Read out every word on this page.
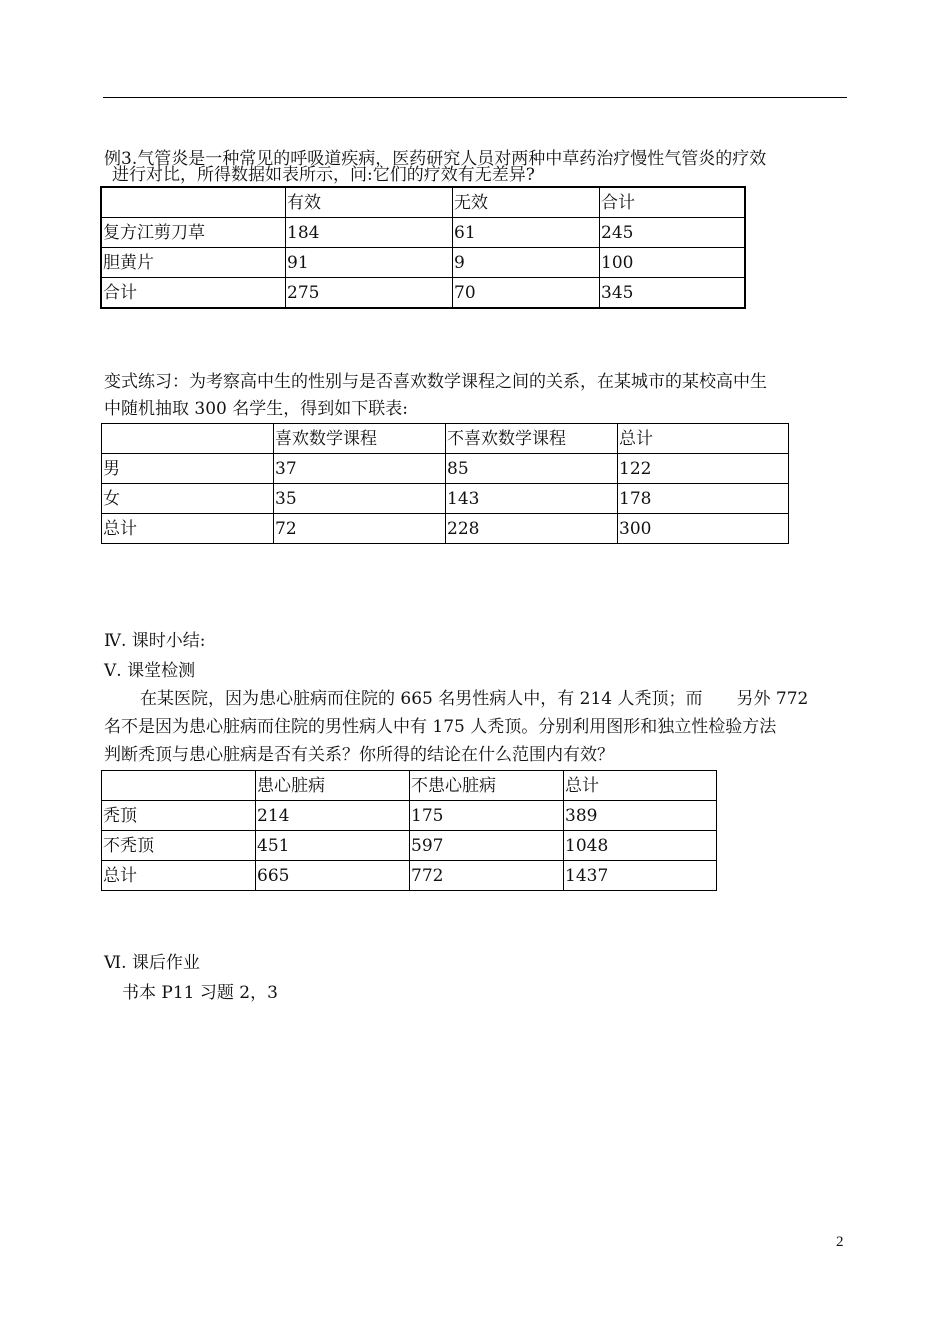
例3.气管炎是一种常见的呼吸道疾病，医药研究人员对两种中草药治疗慢性气管炎的疗效
进行对比，所得数据如表所示，问:它们的疗效有无差异?
	有效	无效	合计
复方江剪刀草	184	61	245
胆黄片	91	9	100
合计	275	70	345
变式练习：为考察高中生的性别与是否喜欢数学课程之间的关系，在某城市的某校高中生
中随机抽取 300 名学生，得到如下联表:
	喜欢数学课程	不喜欢数学课程	总计
男	37	85	122
女	35	143	178
总计	72	228	300
Ⅳ. 课时小结:
Ⅴ. 课堂检测
在某医院，因为患心脏病而住院的 665 名男性病人中，有 214 人秃顶；而　　另外 772
名不是因为患心脏病而住院的男性病人中有 175 人秃顶。分别利用图形和独立性检验方法
判断秃顶与患心脏病是否有关系？你所得的结论在什么范围内有效？
	患心脏病	不患心脏病	总计
秃顶	214	175	389
不秃顶	451	597	1048
总计	665	772	1437
Ⅵ. 课后作业
书本 P11 习题 2，3
2
